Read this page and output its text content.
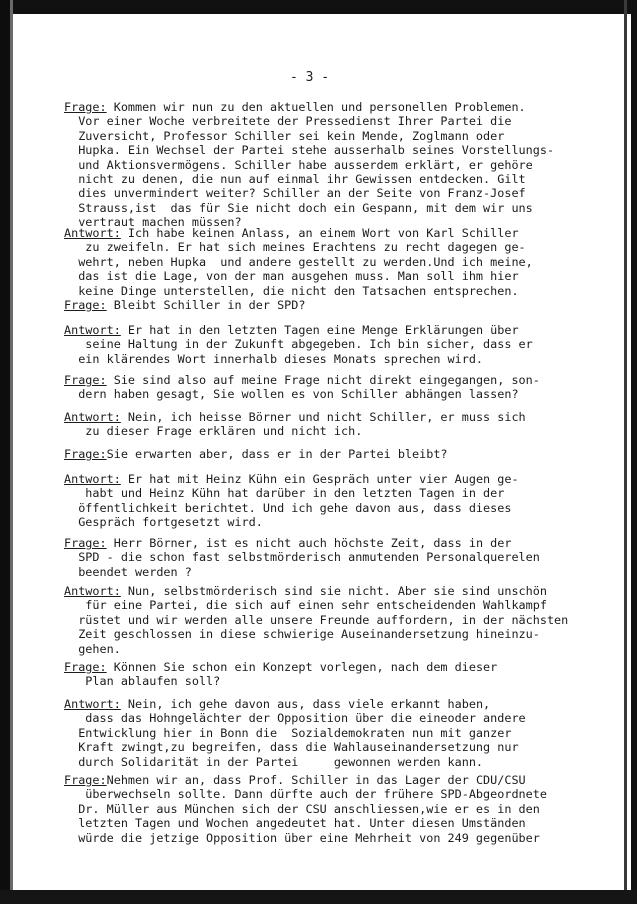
- 3 -
Frage: Kommen wir nun zu den aktuellen und personellen Problemen.
Vor einer Woche verbreitete der Pressedienst Ihrer Partei die
Zuversicht, Professor Schiller sei kein Mende, Zoglmann oder
Hupka. Ein Wechsel der Partei stehe ausserhalb seines Vorstellungs-
und Aktionsvermögens. Schiller habe ausserdem erklärt, er gehöre
nicht zu denen, die nun auf einmal ihr Gewissen entdecken. Gilt
dies unvermindert weiter? Schiller an der Seite von Franz-Josef
Strauss,ist  das für Sie nicht doch ein Gespann, mit dem wir uns
vertraut machen müssen?
Antwort: Ich habe keinen Anlass, an einem Wort von Karl Schiller
zu zweifeln. Er hat sich meines Erachtens zu recht dagegen ge-
wehrt, neben Hupka  und andere gestellt zu werden.Und ich meine,
das ist die Lage, von der man ausgehen muss. Man soll ihm hier
keine Dinge unterstellen, die nicht den Tatsachen entsprechen.
Frage: Bleibt Schiller in der SPD?
Antwort: Er hat in den letzten Tagen eine Menge Erklärungen über
seine Haltung in der Zukunft abgegeben. Ich bin sicher, dass er
ein klärendes Wort innerhalb dieses Monats sprechen wird.
Frage: Sie sind also auf meine Frage nicht direkt eingegangen, son-
dern haben gesagt, Sie wollen es von Schiller abhängen lassen?
Antwort: Nein, ich heisse Börner und nicht Schiller, er muss sich
zu dieser Frage erklären und nicht ich.
Frage:Sie erwarten aber, dass er in der Partei bleibt?
Antwort: Er hat mit Heinz Kühn ein Gespräch unter vier Augen ge-
habt und Heinz Kühn hat darüber in den letzten Tagen in der
öffentlichkeit berichtet. Und ich gehe davon aus, dass dieses
Gespräch fortgesetzt wird.
Frage: Herr Börner, ist es nicht auch höchste Zeit, dass in der
SPD - die schon fast selbstmörderisch anmutenden Personalquerelen
beendet werden ?
Antwort: Nun, selbstmörderisch sind sie nicht. Aber sie sind unschön
für eine Partei, die sich auf einen sehr entscheidenden Wahlkampf
rüstet und wir werden alle unsere Freunde auffordern, in der nächsten
Zeit geschlossen in diese schwierige Auseinandersetzung hineinzu-
gehen.
Frage: Können Sie schon ein Konzept vorlegen, nach dem dieser
Plan ablaufen soll?
Antwort: Nein, ich gehe davon aus, dass viele erkannt haben,
dass das Hohngelächter der Opposition über die eineoder andere
Entwicklung hier in Bonn die  Sozialdemokraten nun mit ganzer
Kraft zwingt,zu begreifen, dass die Wahlauseinandersetzung nur
durch Solidarität in der Partei     gewonnen werden kann.
Frage:Nehmen wir an, dass Prof. Schiller in das Lager der CDU/CSU
überwechseln sollte. Dann dürfte auch der frühere SPD-Abgeordnete
Dr. Müller aus München sich der CSU anschliessen,wie er es in den
letzten Tagen und Wochen angedeutet hat. Unter diesen Umständen
würde die jetzige Opposition über eine Mehrheit von 249 gegenüber
